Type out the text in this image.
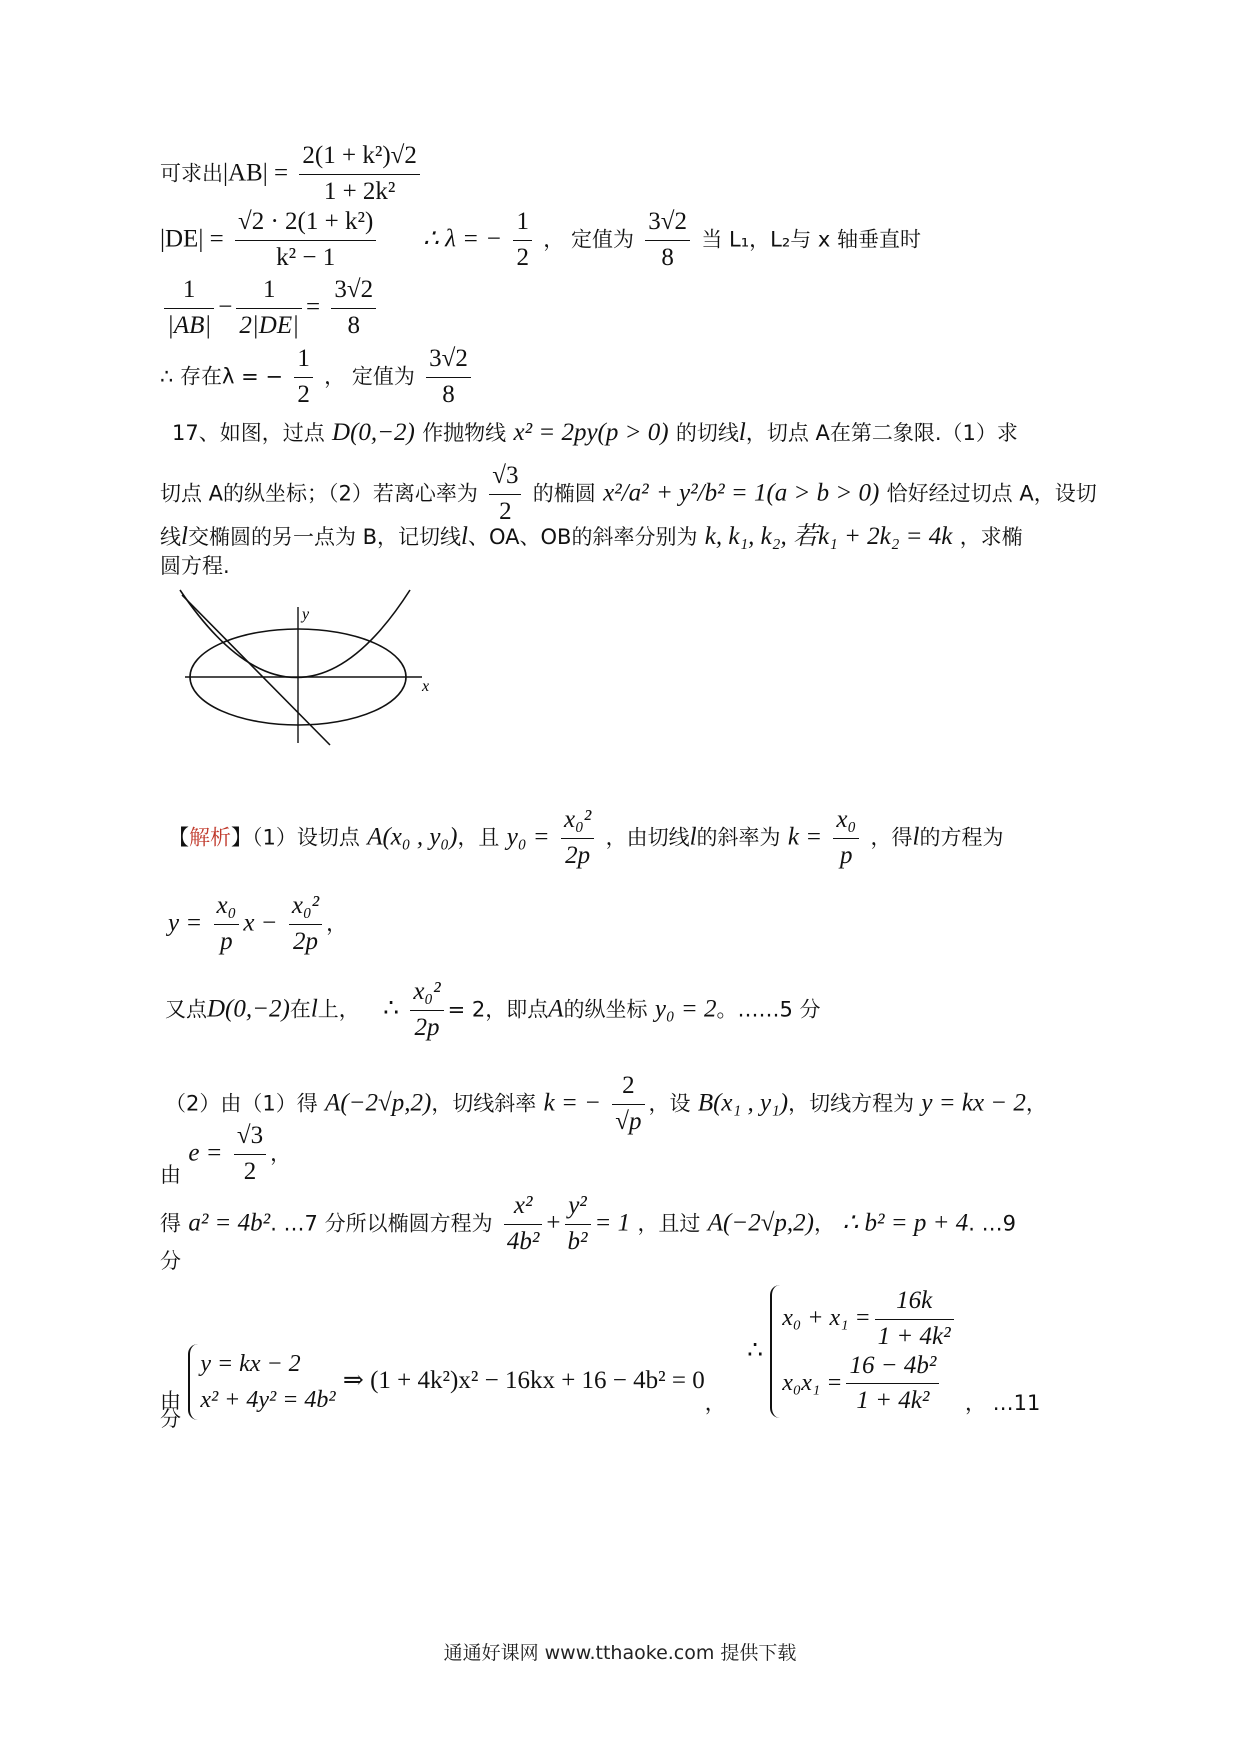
可求出$|AB| = \frac{\text{2(1 + k²)√2}}{\text{1 + 2k²}}$
$|DE| = \frac{\text{√2 · 2(1 + k²)}}{\text{k² − 1}}$ ∴ λ = − $\frac{1}{2}$ ， 定值为 $\frac{3√2}{8}$ 当 L₁，L₂与 x 轴垂直时
$\frac{1}{|AB|} - \frac{1}{2|DE|} = \frac{3√2}{8}$
∴ 存在λ = − $\frac{1}{2}$ ， 定值为 $\frac{3√2}{8}$
17、如图，过点 D(0,−2) 作抛物线 x² = 2py(p > 0) 的切线l，切点 A在第二象限.（1）求
切点 A的纵坐标；（2）若离心率为 $\frac{√3}{2}$ 的椭圆 x²/a² + y²/b² = 1(a > b > 0) 恰好经过切点 A，设切
线l交椭圆的另一点为 B，记切线l、OA、OB的斜率分别为 k, k₁, k₂, 若k₁ + 2k₂ = 4k ，求椭
圆方程.
y
x
【解析】（1）设切点 A(x₀ , y₀)，且 $y_0 = \frac{\text{x₀²}}{2p}$ ，由切线l的斜率为 $k = \frac{\text{x₀}}{p}$ ，得l的方程为
$y = \frac{\text{x₀}}{p}$ $x - \frac{\text{x₀²}}{2p}$ ，
又点D(0,−2)在l上， ∴ $\frac{\text{x₀²}}{2p} = 2$，即点A的纵坐标 y₀ = 2。……5 分
（2）由（1）得 A(−2√p,2)，切线斜率 k = − $\frac{2}{√p}$ ，设 B(x₁ , y₁)，切线方程为 y = kx − 2，
由 $e = \frac{√3}{2}$ ，
得 a² = 4b². …7 分所以椭圆方程为 $\frac{\text{x²}}{\text{4b²}} + \frac{\text{y²}}{\text{b²}} = 1$ ，且过 A(−2√p,2)， ∴ b² = p + 4. …9
分
由
y = kx − 2
x² + 4y² = 4b²
⇒ (1 + 4k²)x² − 16kx + 16 − 4b² = 0， ∴
$x_0 + x_1 = \frac{16k}{\text{1 + 4k²}}$
$x_0x_1 = \frac{\text{16 − 4b²}}{\text{1 + 4k²}}$ ， …11
分
通通好课网 www.tthaoke.com 提供下载
